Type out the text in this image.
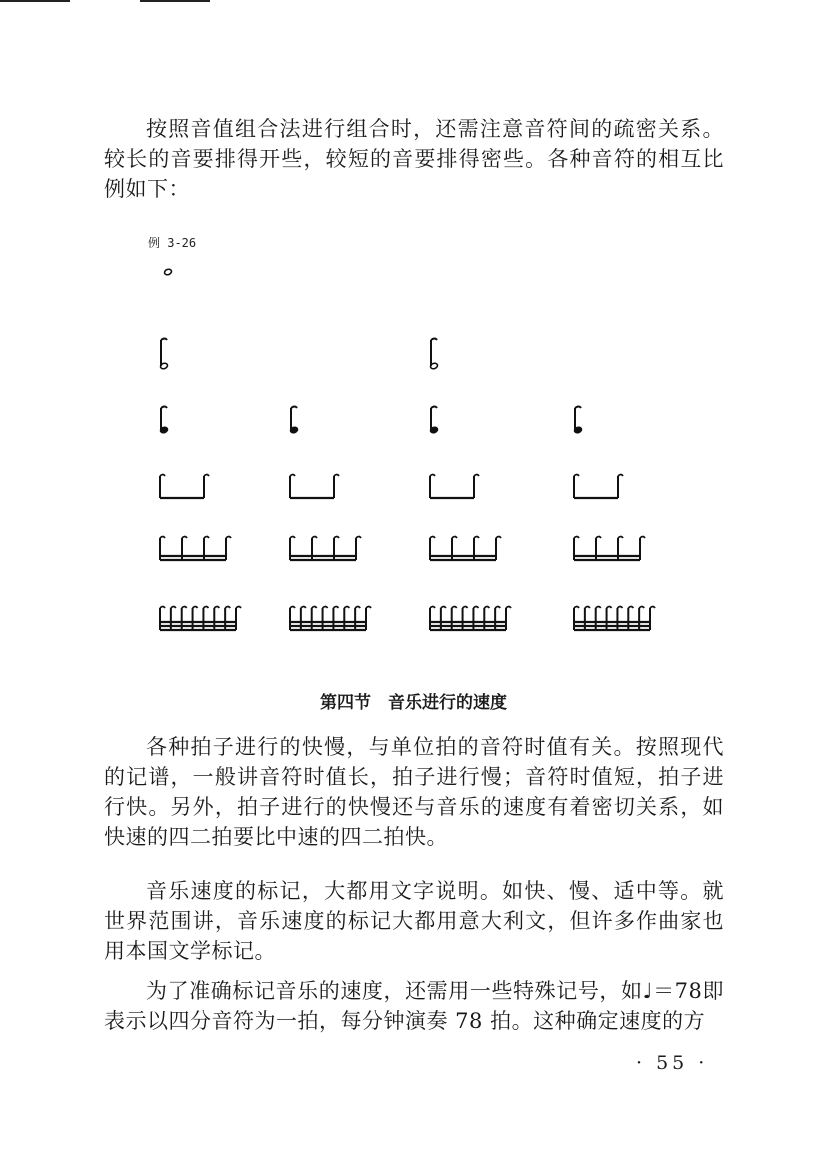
按照音值组合法进行组合时，还需注意音符间的疏密关系。较长的音要排得开些，较短的音要排得密些。各种音符的相互比例如下：

例 3-26
第四节　音乐进行的速度

各种拍子进行的快慢，与单位拍的音符时值有关。按照现代的记谱，一般讲音符时值长，拍子进行慢；音符时值短，拍子进行快。另外，拍子进行的快慢还与音乐的速度有着密切关系，如快速的四二拍要比中速的四二拍快。

音乐速度的标记，大都用文字说明。如快、慢、适中等。就世界范围讲，音乐速度的标记大都用意大利文，但许多作曲家也用本国文学标记。

为了准确标记音乐的速度，还需用一些特殊记号，如♩＝78即表示以四分音符为一拍，每分钟演奏 78 拍。这种确定速度的方

· 55 ·
